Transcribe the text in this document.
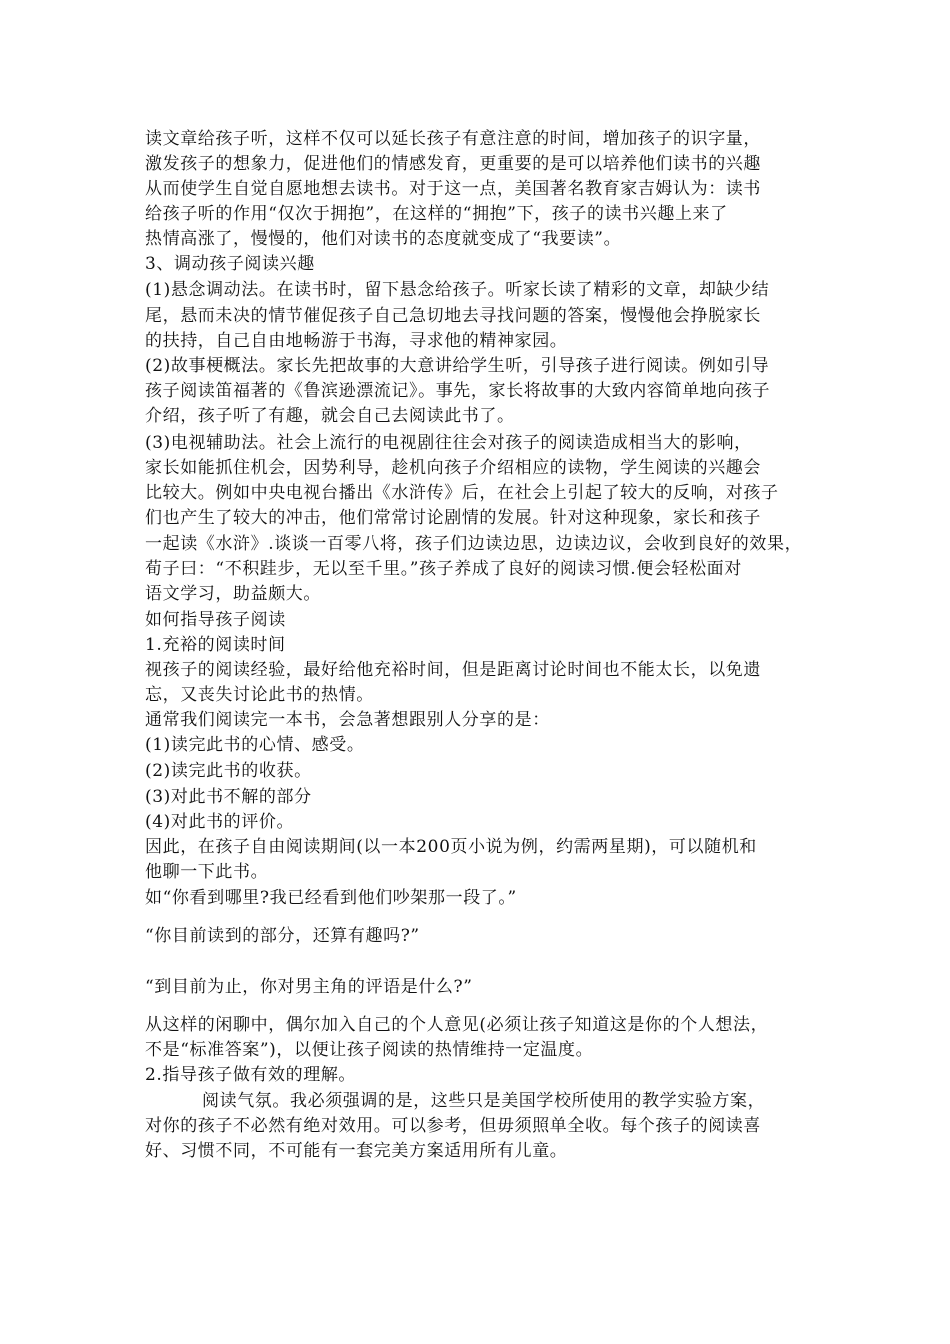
读文章给孩子听，这样不仅可以延长孩子有意注意的时间，增加孩子的识字量，
激发孩子的想象力，促进他们的情感发育，更重要的是可以培养他们读书的兴趣
从而使学生自觉自愿地想去读书。对于这一点，美国著名教育家吉姆认为：读书
给孩子听的作用“仅次于拥抱”，在这样的“拥抱”下，孩子的读书兴趣上来了
热情高涨了，慢慢的，他们对读书的态度就变成了“我要读”。
3、调动孩子阅读兴趣
(1)悬念调动法。在读书时，留下悬念给孩子。听家长读了精彩的文章，却缺少结
尾，悬而未决的情节催促孩子自己急切地去寻找问题的答案，慢慢他会挣脱家长
的扶持，自己自由地畅游于书海，寻求他的精神家园。
(2)故事梗概法。家长先把故事的大意讲给学生听，引导孩子进行阅读。例如引导
孩子阅读笛福著的《鲁滨逊漂流记》。事先，家长将故事的大致内容简单地向孩子
介绍，孩子听了有趣，就会自己去阅读此书了。
(3)电视辅助法。社会上流行的电视剧往往会对孩子的阅读造成相当大的影响，
家长如能抓住机会，因势利导，趁机向孩子介绍相应的读物，学生阅读的兴趣会
比较大。例如中央电视台播出《水浒传》后，在社会上引起了较大的反响，对孩子
们也产生了较大的冲击，他们常常讨论剧情的发展。针对这种现象，家长和孩子
一起读《水浒》.谈谈一百零八将，孩子们边读边思，边读边议，会收到良好的效果，
荀子曰：“不积跬步，无以至千里。”孩子养成了良好的阅读习惯.便会轻松面对
语文学习，助益颇大。
如何指导孩子阅读
1.充裕的阅读时间
视孩子的阅读经验，最好给他充裕时间，但是距离讨论时间也不能太长，以免遗
忘，又丧失讨论此书的热情。
通常我们阅读完一本书，会急著想跟别人分享的是：
(1)读完此书的心情、感受。
(2)读完此书的收获。
(3)对此书不解的部分
(4)对此书的评价。
因此，在孩子自由阅读期间(以一本200页小说为例，约需两星期)，可以随机和
他聊一下此书。
如“你看到哪里?我已经看到他们吵架那一段了。”
“你目前读到的部分，还算有趣吗?”
“到目前为止，你对男主角的评语是什么?”
从这样的闲聊中，偶尔加入自己的个人意见(必须让孩子知道这是你的个人想法，
不是“标准答案”)，以便让孩子阅读的热情维持一定温度。
2.指导孩子做有效的理解。
阅读气氛。我必须强调的是，这些只是美国学校所使用的教学实验方案，
对你的孩子不必然有绝对效用。可以参考，但毋须照单全收。每个孩子的阅读喜
好、习惯不同，不可能有一套完美方案适用所有儿童。
